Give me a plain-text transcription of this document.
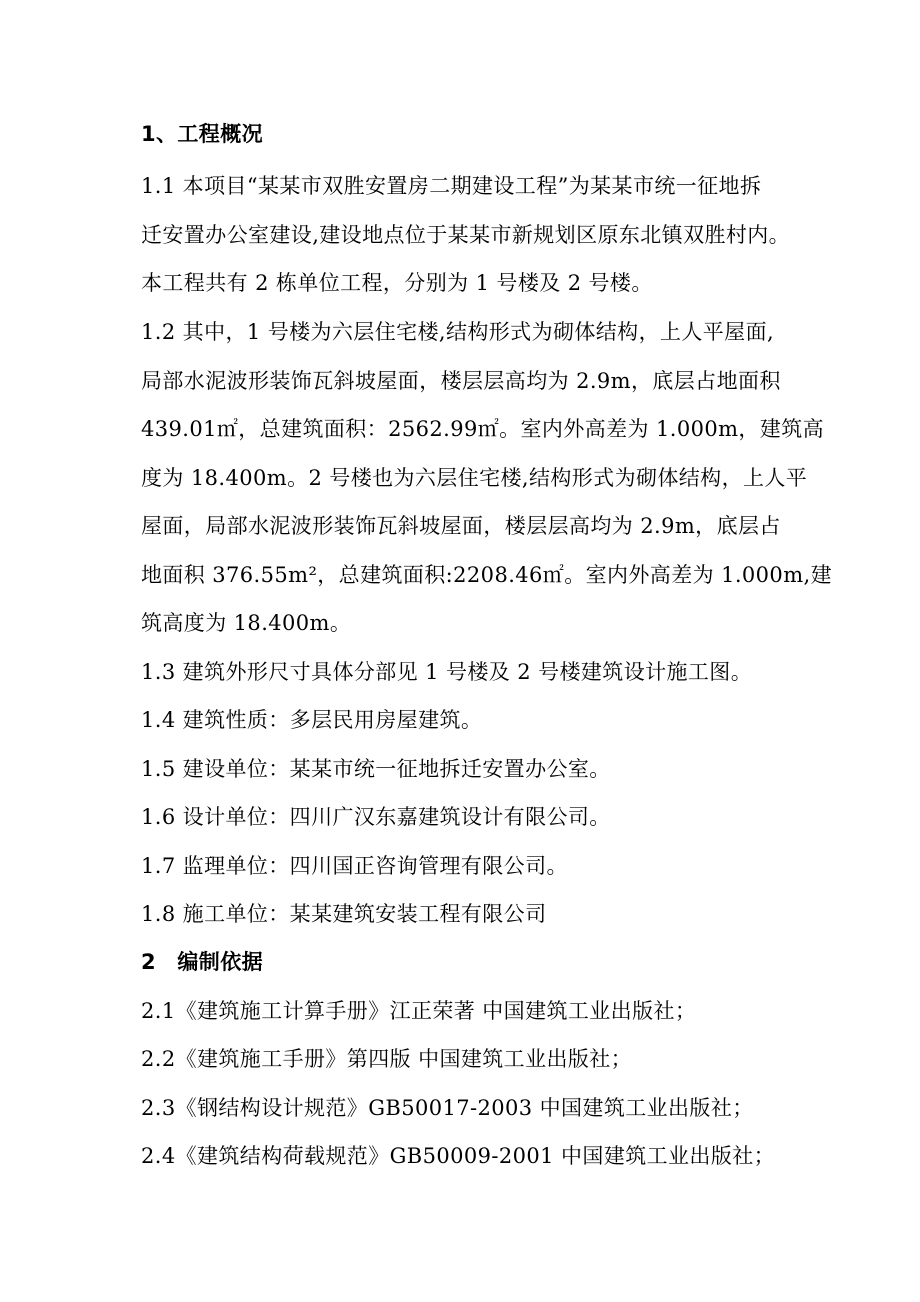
1、工程概况
1.1 本项目“某某市双胜安置房二期建设工程”为某某市统一征地拆
迁安置办公室建设,建设地点位于某某市新规划区原东北镇双胜村内。
本工程共有 2 栋单位工程，分别为 1 号楼及 2 号楼。
1.2 其中，1 号楼为六层住宅楼,结构形式为砌体结构，上人平屋面,
局部水泥波形装饰瓦斜坡屋面，楼层层高均为 2.9m，底层占地面积
439.01㎡，总建筑面积：2562.99㎡。室内外高差为 1.000m，建筑高
度为 18.400m。2 号楼也为六层住宅楼,结构形式为砌体结构，上人平
屋面，局部水泥波形装饰瓦斜坡屋面，楼层层高均为 2.9m，底层占
地面积 376.55m²，总建筑面积:2208.46㎡。室内外高差为 1.000m,建
筑高度为 18.400m。
1.3 建筑外形尺寸具体分部见 1 号楼及 2 号楼建筑设计施工图。
1.4 建筑性质：多层民用房屋建筑。
1.5 建设单位：某某市统一征地拆迁安置办公室。
1.6 设计单位：四川广汉东嘉建筑设计有限公司。
1.7 监理单位：四川国正咨询管理有限公司。
1.8 施工单位：某某建筑安装工程有限公司
2　编制依据
2.1《建筑施工计算手册》江正荣著 中国建筑工业出版社；
2.2《建筑施工手册》第四版 中国建筑工业出版社；
2.3《钢结构设计规范》GB50017-2003 中国建筑工业出版社；
2.4《建筑结构荷载规范》GB50009-2001 中国建筑工业出版社；
